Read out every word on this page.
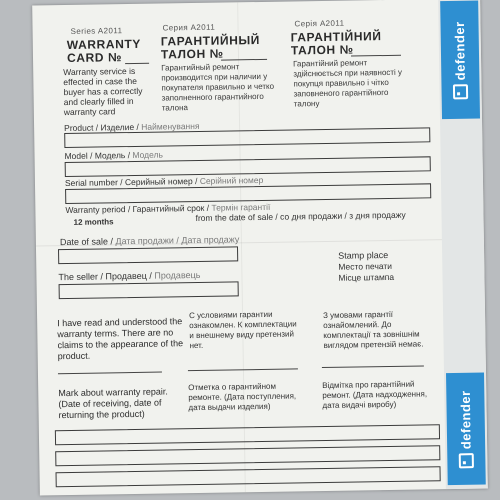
defender
defender
Series A2011
WARRANTY
CARD №
Warranty service is effected in case the buyer has a correctly and clearly filled in warranty card
Серия А2011
ГАРАНТИЙНЫЙ
ТАЛОН №
Гарантийный ремонт производится при наличии у покупателя правильно и четко заполненного гарантийного талона
Серія А2011
ГАРАНТІЙНИЙ
ТАЛОН №
Гарантійний ремонт здійснюється при наявності у покупця правильно і чітко заповненого гарантійного талону
Product / Изделие / Найменування
Model / Модель / Модель
Serial number / Серийный номер / Серійний номер
Warranty period / Гарантийный срок / Термін гарантії
12 months	from the date of sale / со дня продажи / з дня продажу
Date of sale / Дата продажи / Дата продажу
The seller / Продавец / Продавець
Stamp place
Место печати
Місце штампа
I have read and understood the warranty terms. There are no claims to the appearance of the product.
С условиями гарантии ознакомлен. К комплектации и внешнему виду претензий нет.
З умовами гарантії ознайомлений. До комплектації та зовнішнім виглядом претензій немає.
Mark about warranty repair. (Date of receiving, date of returning the product)
Отметка о гарантийном ремонте. (Дата поступления, дата выдачи изделия)
Відмітка про гарантійний ремонт. (Дата надходження, дата видачі виробу)
